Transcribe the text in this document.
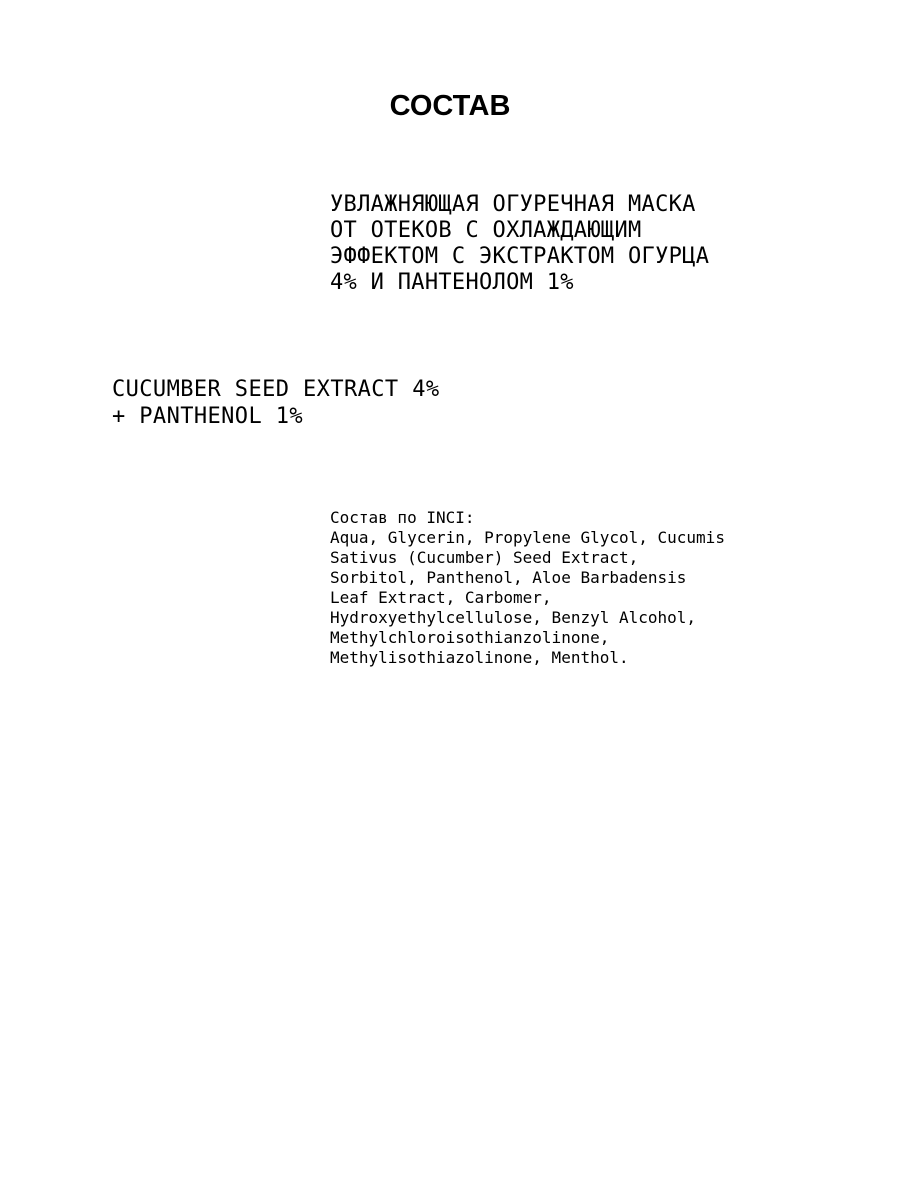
СОСТАВ
УВЛАЖНЯЮЩАЯ ОГУРЕЧНАЯ МАСКА
ОТ ОТЕКОВ С ОХЛАЖДАЮЩИМ
ЭФФЕКТОМ С ЭКСТРАКТОМ ОГУРЦА
4% И ПАНТЕНОЛОМ 1%
CUCUMBER SEED EXTRACT 4%
+ PANTHENOL 1%
Состав по INCI:
Aqua, Glycerin, Propylene Glycol, Cucumis
Sativus (Cucumber) Seed Extract,
Sorbitol, Panthenol, Aloe Barbadensis
Leaf Extract, Carbomer,
Hydroxyethylcellulose, Benzyl Alcohol,
Methylchloroisothianzolinone,
Methylisothiazolinone, Menthol.
